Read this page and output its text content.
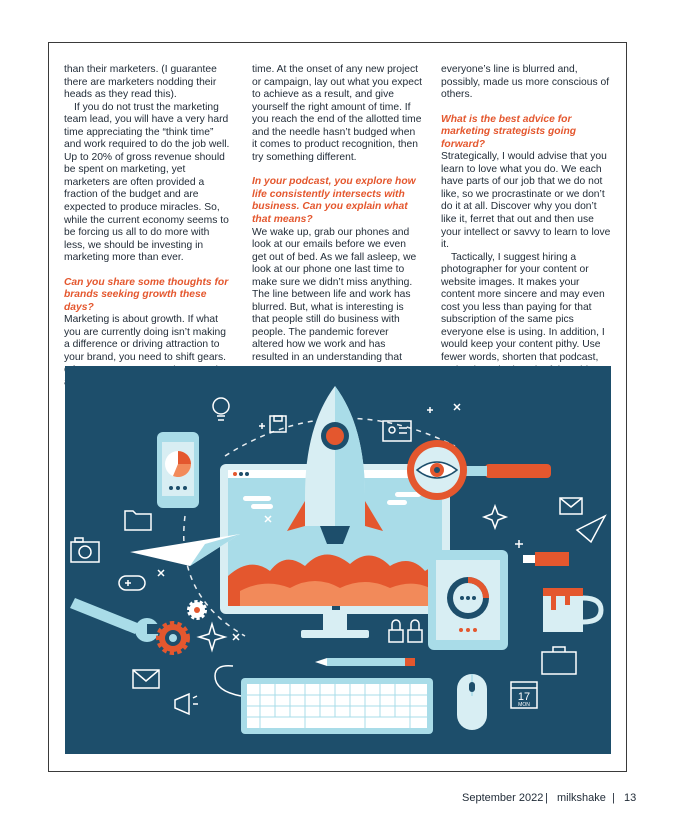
than their marketers. (I guarantee there are marketers nodding their heads as they read this).

If you do not trust the marketing team lead, you will have a very hard time appreciating the “think time” and work required to do the job well. Up to 20% of gross revenue should be spent on marketing, yet marketers are often provided a fraction of the budget and are expected to produce miracles. So, while the current economy seems to be forcing us all to do more with less, we should be investing in marketing more than ever.

Can you share some thoughts for brands seeking growth these days?

Marketing is about growth. If what you are currently doing isn’t making a difference or driving attraction to your brand, you need to shift gears.

time. At the onset of any new project or campaign, lay out what you expect to achieve as a result, and give yourself the right amount of time. If you reach the end of the allotted time and the needle hasn’t budged when it comes to product recognition, then try something different.

In your podcast, you explore how life consistently intersects with business. Can you explain what that means?

We wake up, grab our phones and look at our emails before we even get out of bed. As we fall asleep, we look at our phone one last time to make sure we didn’t miss anything. The line between life and work has blurred. But, what is interesting is that people still do business with people. The pandemic forever altered how we work and has resulted in an understanding that

everyone’s line is blurred and, possibly, made us more conscious of others.

What is the best advice for marketing strategists going forward?

Strategically, I would advise that you learn to love what you do. We each have parts of our job that we do not like, so we procrastinate or we don’t do it at all. Discover why you don’t like it, ferret that out and then use your intellect or savvy to learn to love it.

Tactically, I suggest hiring a photographer for your content or website images. It makes your content more sincere and may even cost you less than paying for that subscription of the same pics everyone else is using. In addition, I would keep your content pithy. Use fewer words, shorten that podcast,

17
MON
September 2022 | milkshake | 13
